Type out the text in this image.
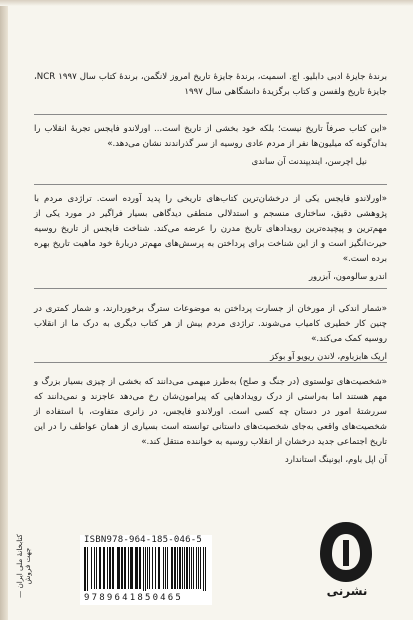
برندهٔ جایزهٔ ادبی دابلیو. اچ. اسمیت، برندهٔ جایزهٔ تاریخ امروز لانگمن، برندهٔ کتاب سال NCR ۱۹۹۷، جایزهٔ تاریخ ولفسن و کتاب برگزیدهٔ دانشگاهی سال ۱۹۹۷
«این کتاب صرفاً تاریخ نیست؛ بلکه خود بخشی از تاریخ است... اورلاندو فایجس تجربهٔ انقلاب را بدان‌گونه که میلیون‌ها نفر از مردم عادی روسیه از سر گذراندند نشان می‌دهد.»
نیل اچرسن، ایندیپندنت آن ساندی
«اورلاندو فایجس یکی از درخشان‌ترین کتاب‌های تاریخی را پدید آورده است. تراژدی مردم با پژوهشی دقیق، ساختاری منسجم و استدلالی منطقی دیدگاهی بسیار فراگیر در مورد یکی از مهم‌ترین و پیچیده‌ترین رویدادهای تاریخ مدرن را عرضه می‌کند. شناخت فایجس از تاریخ روسیه حیرت‌انگیز است و از این شناخت برای پرداختن به پرسش‌های مهم‌تر دربارهٔ خود ماهیت تاریخ بهره برده است.»
اندرو سالومون، آبزرور
«شمار اندکی از مورخان از جسارت پرداختن به موضوعات سترگ برخوردارند، و شمار کمتری در چنین کار خطیری کامیاب می‌شوند. تراژدی مردم بیش از هر کتاب دیگری به درک ما از انقلاب روسیه کمک می‌کند.»
اریک هابزباوم، لاندن ریویو آو بوکز
«شخصیت‌های تولستوی (در جنگ و صلح) به‌طرز مبهمی می‌دانند که بخشی از چیزی بسیار بزرگ و مهم هستند اما به‌راستی از درک رویدادهایی که پیرامون‌شان رخ می‌دهد عاجزند و نمی‌دانند که سررشتهٔ امور در دستان چه کسی است. اورلاندو فایجس، در زانری متفاوت، با استفاده از شخصیت‌های واقعی به‌جای شخصیت‌های داستانی توانسته است بسیاری از همان عواطف را در این تاریخ اجتماعی جدید درخشان از انقلاب روسیه به خواننده منتقل کند.»
آن اپل باوم، ایونینگ استاندارد
کتابخانهٔ ملی ایران — جهت فروش
ISBN978-964-185-046-5
9789641850465	نشرنی
